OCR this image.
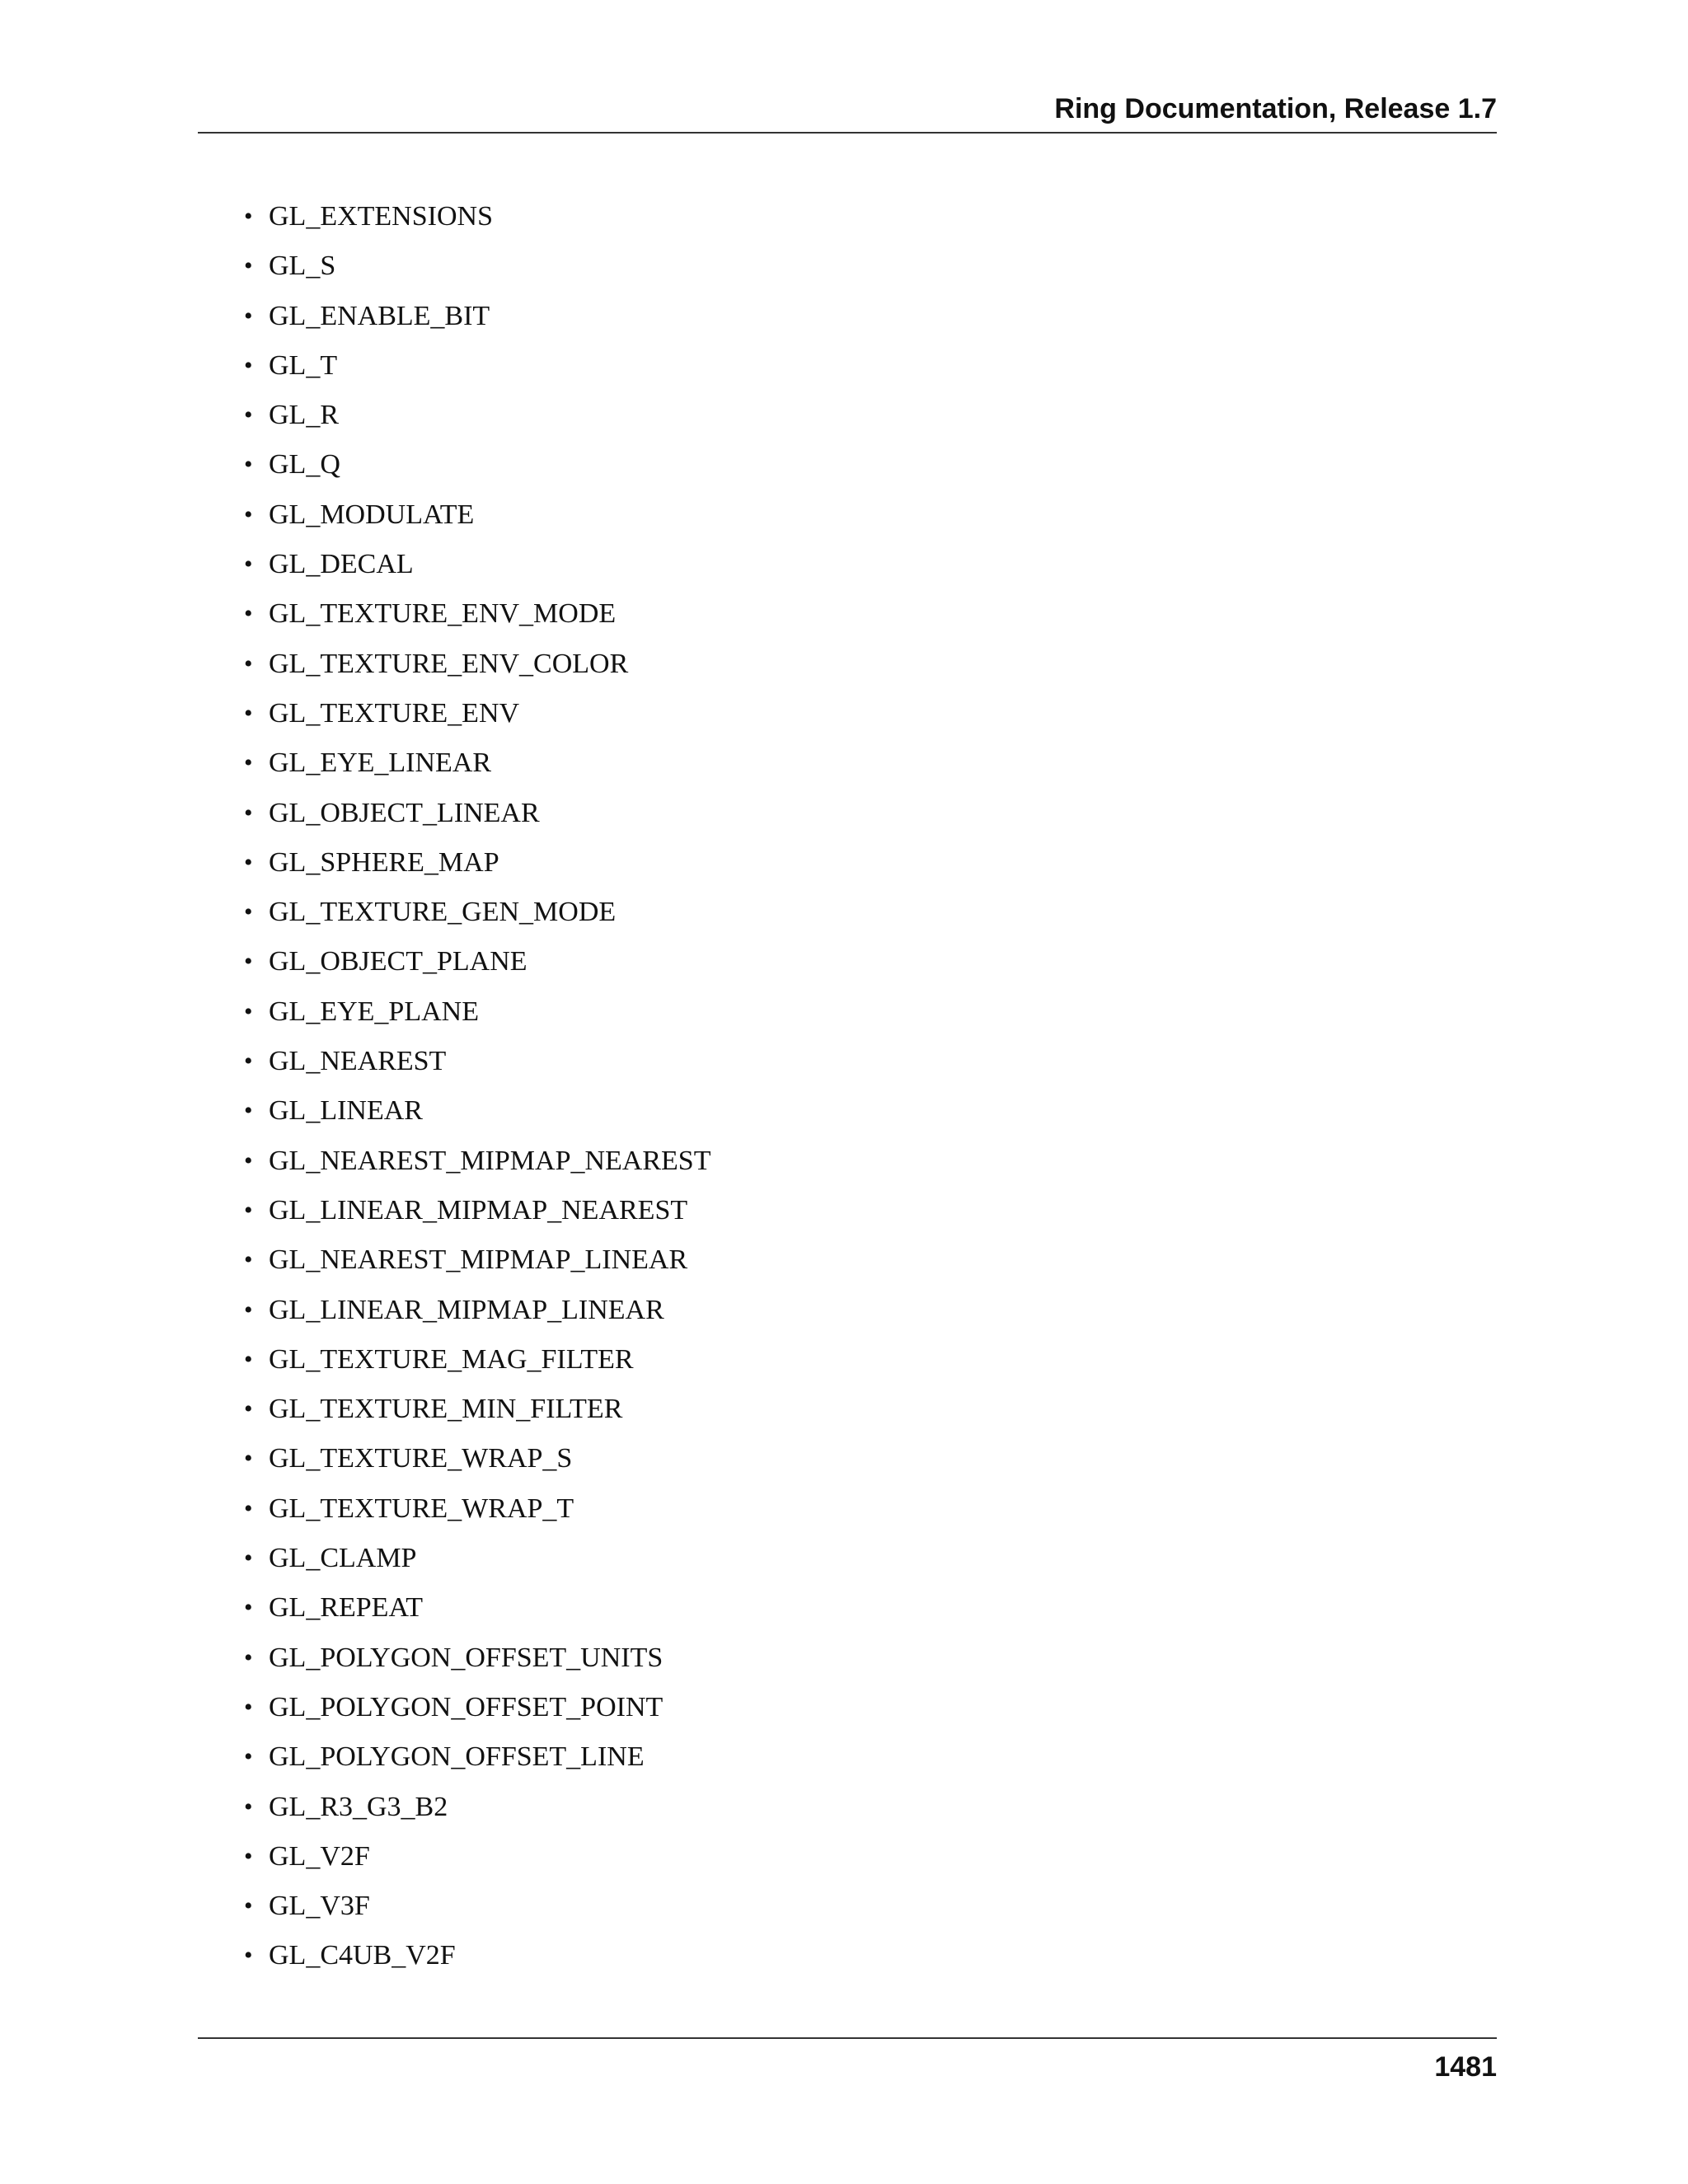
Ring Documentation, Release 1.7
• GL_EXTENSIONS
• GL_S
• GL_ENABLE_BIT
• GL_T
• GL_R
• GL_Q
• GL_MODULATE
• GL_DECAL
• GL_TEXTURE_ENV_MODE
• GL_TEXTURE_ENV_COLOR
• GL_TEXTURE_ENV
• GL_EYE_LINEAR
• GL_OBJECT_LINEAR
• GL_SPHERE_MAP
• GL_TEXTURE_GEN_MODE
• GL_OBJECT_PLANE
• GL_EYE_PLANE
• GL_NEAREST
• GL_LINEAR
• GL_NEAREST_MIPMAP_NEAREST
• GL_LINEAR_MIPMAP_NEAREST
• GL_NEAREST_MIPMAP_LINEAR
• GL_LINEAR_MIPMAP_LINEAR
• GL_TEXTURE_MAG_FILTER
• GL_TEXTURE_MIN_FILTER
• GL_TEXTURE_WRAP_S
• GL_TEXTURE_WRAP_T
• GL_CLAMP
• GL_REPEAT
• GL_POLYGON_OFFSET_UNITS
• GL_POLYGON_OFFSET_POINT
• GL_POLYGON_OFFSET_LINE
• GL_R3_G3_B2
• GL_V2F
• GL_V3F
• GL_C4UB_V2F
1481
